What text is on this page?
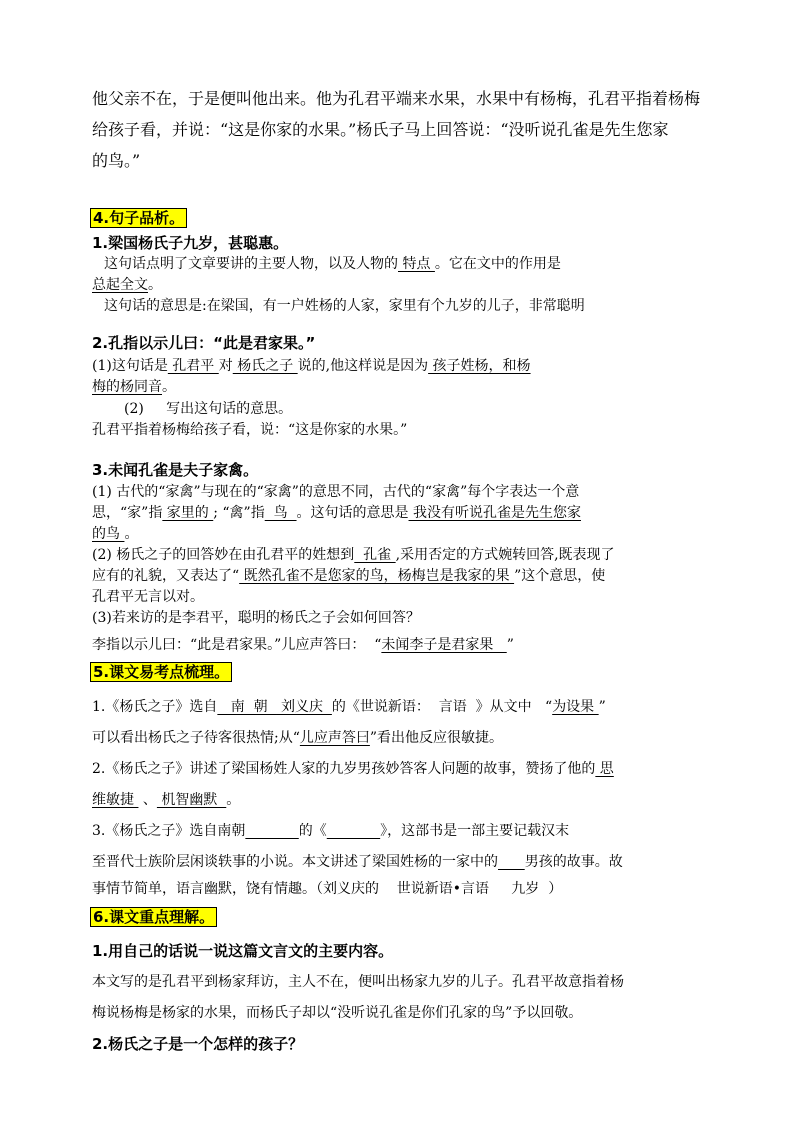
他父亲不在，于是便叫他出来。他为孔君平端来水果，水果中有杨梅，孔君平指着杨梅
给孩子看，并说：“这是你家的水果。”杨氏子马上回答说：“没听说孔雀是先生您家
的鸟。”
4.句子品析。
1.梁国杨氏子九岁，甚聪惠。
这句话点明了文章要讲的主要人物，以及人物的 特点 。它在文中的作用是
总起全文。
这句话的意思是:在梁国，有一户姓杨的人家，家里有个九岁的儿子，非常聪明
2.孔指以示儿曰：“此是君家果。”
(1)这句话是 孔君平 对 杨氏之子 说的,他这样说是因为 孩子姓杨，和杨
梅的杨同音。
(2)     写出这句话的意思。
孔君平指着杨梅给孩子看，说：“这是你家的水果。”
3.未闻孔雀是夫子家禽。
(1) 古代的“家禽”与现在的“家禽”的意思不同，古代的“家禽”每个字表达一个意
思，“家”指 家里的 ; “禽”指  鸟  。这句话的意思是 我没有听说孔雀是先生您家
的鸟 。
(2) 杨氏之子的回答妙在由孔君平的姓想到  孔雀 ,采用否定的方式婉转回答,既表现了
应有的礼貌，又表达了“ 既然孔雀不是您家的鸟，杨梅岂是我家的果 ”这个意思，使
孔君平无言以对。
(3)若来访的是李君平，聪明的杨氏之子会如何回答？
李指以示儿曰：“此是君家果。”儿应声答曰：  “未闻李子是君家果   ”
5.课文易考点梳理。
1.《杨氏之子》选自   南  朝   刘义庆  的《世说新语：  言语  》从文中   “为设果 ”
可以看出杨氏之子待客很热情;从“儿应声答曰”看出他反应很敏捷。
2.《杨氏之子》讲述了梁国杨姓人家的九岁男孩妙答客人问题的故事，赞扬了他的 思
维敏捷  、 机智幽默  。
3.《杨氏之子》选自南朝	的《	》，这部书是一部主要记载汉末
至晋代士族阶层闲谈轶事的小说。本文讲述了梁国姓杨的一家中的 男孩的故事。故
事情节简单，语言幽默，饶有情趣。（刘义庆的    世说新语•言语     九岁  ）
6.课文重点理解。
1.用自己的话说一说这篇文言文的主要内容。
本文写的是孔君平到杨家拜访，主人不在，便叫出杨家九岁的儿子。孔君平故意指着杨
梅说杨梅是杨家的水果，而杨氏子却以“没听说孔雀是你们孔家的鸟”予以回敬。
2.杨氏之子是一个怎样的孩子？
